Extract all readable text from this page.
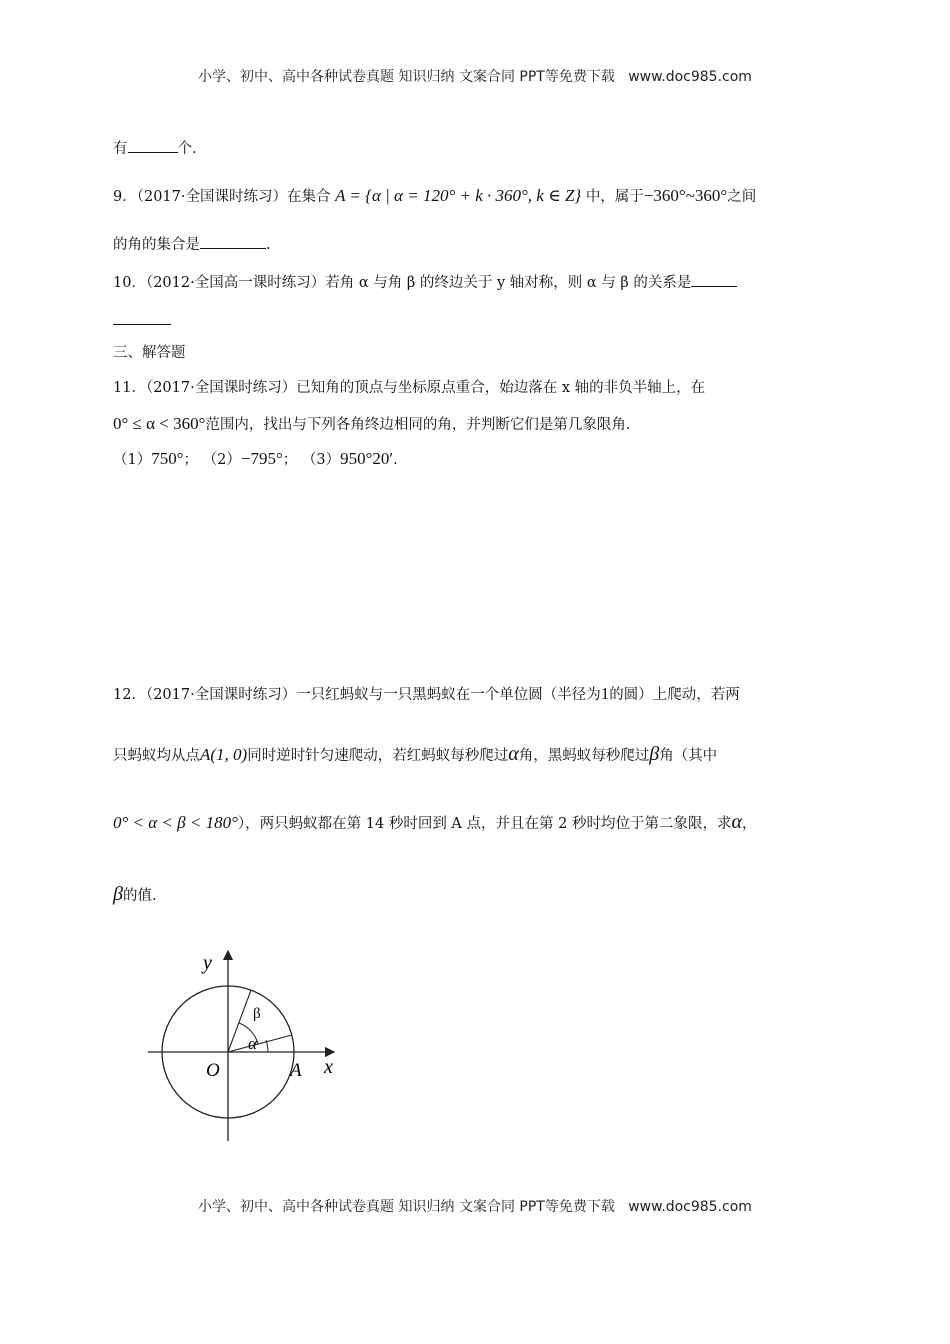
小学、初中、高中各种试卷真题 知识归纳 文案合同 PPT等免费下载 www.doc985.com
有	个.
9．（2017·全国课时练习）在集合 A = {α | α = 120° + k · 360°, k ∈ Z} 中，属于−360°~360°之间
的角的集合是	.
10．（2012·全国高一课时练习）若角 α 与角 β 的终边关于 y 轴对称，则 α 与 β 的关系是
三、解答题
11．（2017·全国课时练习）已知角的顶点与坐标原点重合，始边落在 x 轴的非负半轴上，在
0° ≤ α < 360°范围内，找出与下列各角终边相同的角，并判断它们是第几象限角.
（1）750°； （2）−795°； （3）950°20′.
12．（2017·全国课时练习）一只红蚂蚁与一只黑蚂蚁在一个单位圆（半径为1的圆）上爬动，若两
只蚂蚁均从点A(1, 0)同时逆时针匀速爬动，若红蚂蚁每秒爬过α角，黑蚂蚁每秒爬过β角（其中
0° < α < β < 180°），两只蚂蚁都在第 14 秒时回到 A 点，并且在第 2 秒时均位于第二象限，求α，
β的值.
y
x
O	A
α
β
小学、初中、高中各种试卷真题 知识归纳 文案合同 PPT等免费下载 www.doc985.com
